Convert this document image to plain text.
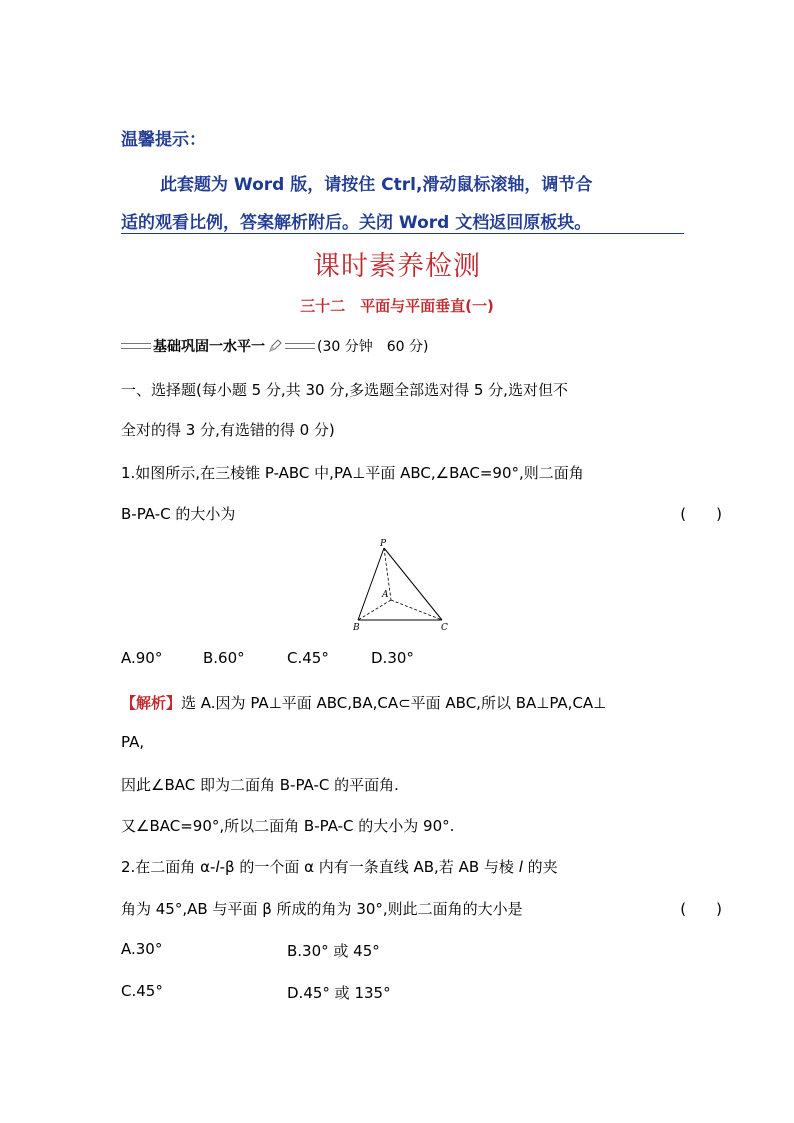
温馨提示：
此套题为 Word 版，请按住 Ctrl,滑动鼠标滚轴，调节合
适的观看比例，答案解析附后。关闭 Word 文档返回原板块。
课时素养检测
三十二　平面与平面垂直(一)
基础巩固一水平一	(30 分钟　60 分)
一、选择题(每小题 5 分,共 30 分,多选题全部选对得 5 分,选对但不
全对的得 3 分,有选错的得 0 分)
1.如图所示,在三棱锥 P-ABC 中,PA⊥平面 ABC,∠BAC=90°,则二面角
B-PA-C 的大小为	(　　)
P
A
B	C
A.90°	B.60°	C.45°	D.30°
【解析】选 A.因为 PA⊥平面 ABC,BA,CA⊂平面 ABC,所以 BA⊥PA,CA⊥
PA,
因此∠BAC 即为二面角 B-PA-C 的平面角.
又∠BAC=90°,所以二面角 B-PA-C 的大小为 90°.
2.在二面角 α-l-β 的一个面 α 内有一条直线 AB,若 AB 与棱 l 的夹
角为 45°,AB 与平面 β 所成的角为 30°,则此二面角的大小是	(　　)
A.30°	B.30° 或 45°
C.45°	D.45° 或 135°
